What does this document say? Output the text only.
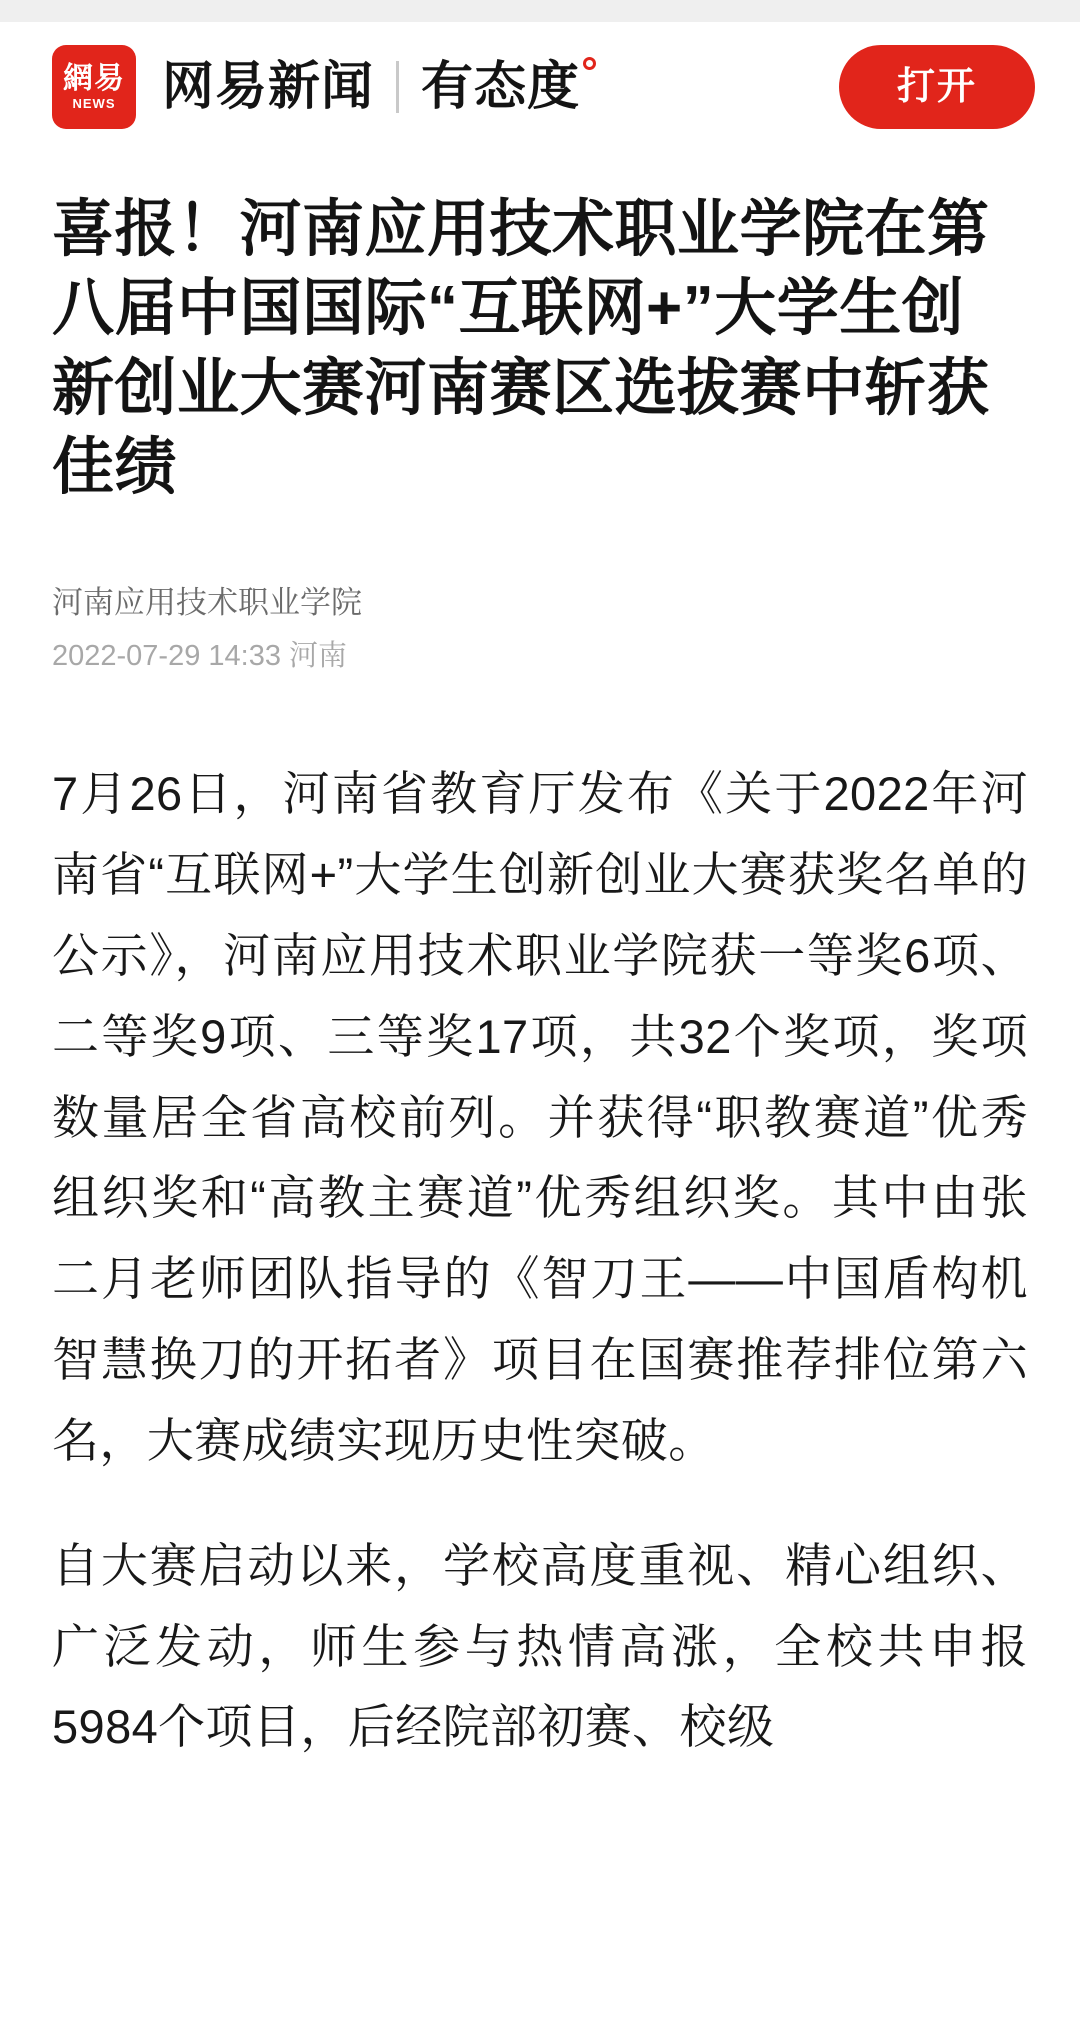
網易
NEWS 网易新闻 有态度	打开
喜报！河南应用技术职业学院在第八届中国国际“互联网+”大学生创新创业大赛河南赛区选拔赛中斩获佳绩
河南应用技术职业学院
2022-07-29 14:33 河南

7月26日，河南省教育厅发布《关于2022年河南省“互联网+”大学生创新创业大赛获奖名单的公示》，河南应用技术职业学院获一等奖6项、二等奖9项、三等奖17项，共32个奖项，奖项数量居全省高校前列。并获得“职教赛道”优秀组织奖和“高教主赛道”优秀组织奖。其中由张二月老师团队指导的《智刀王——中国盾构机智慧换刀的开拓者》项目在国赛推荐排位第六名，大赛成绩实现历史性突破。

自大赛启动以来，学校高度重视、精心组织、广泛发动，师生参与热情高涨，全校共申报5984个项目，后经院部初赛、校级
